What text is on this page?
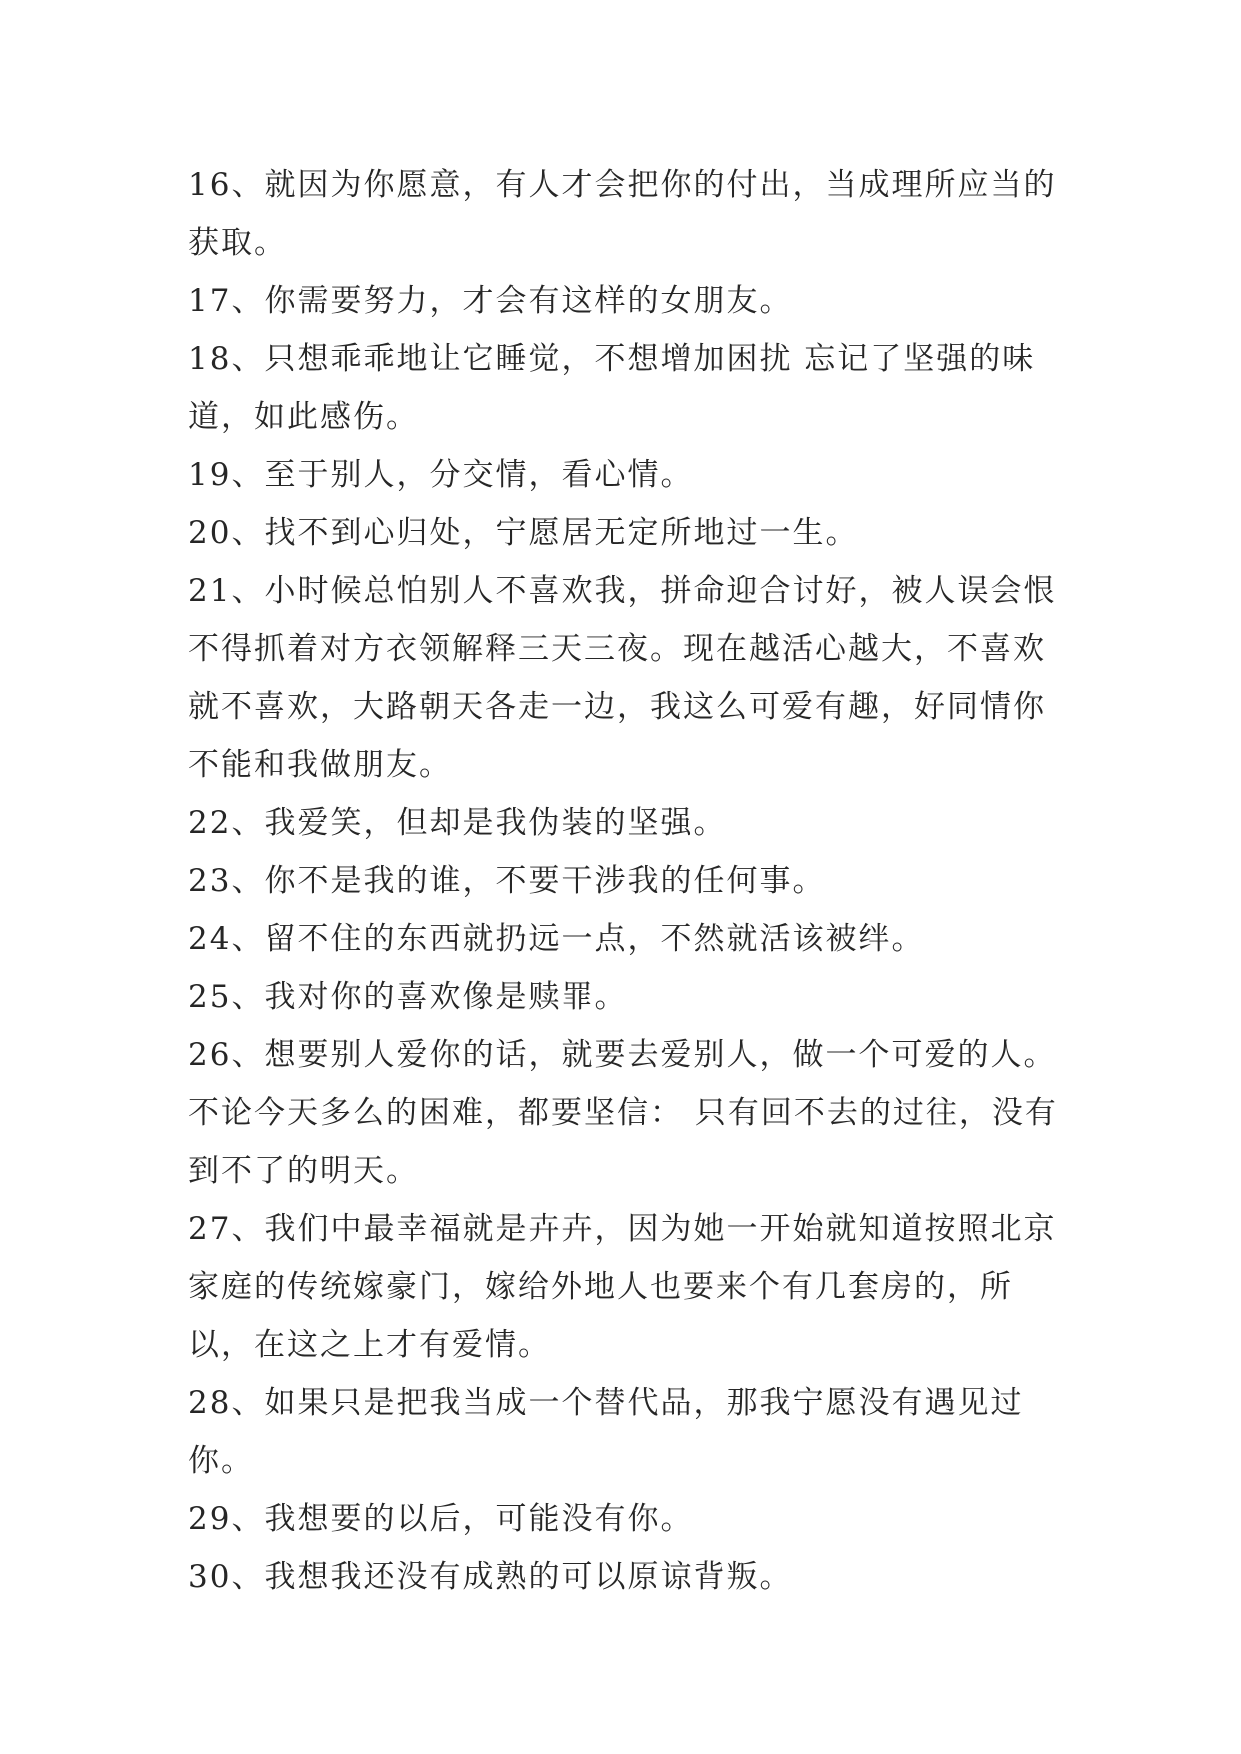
16、就因为你愿意，有人才会把你的付出，当成理所应当的获取。

17、你需要努力，才会有这样的女朋友。

18、只想乖乖地让它睡觉，不想增加困扰 忘记了坚强的味道，如此感伤。

19、至于别人，分交情，看心情。

20、找不到心归处，宁愿居无定所地过一生。

21、小时候总怕别人不喜欢我，拼命迎合讨好，被人误会恨不得抓着对方衣领解释三天三夜。现在越活心越大，不喜欢就不喜欢，大路朝天各走一边，我这么可爱有趣，好同情你不能和我做朋友。

22、我爱笑，但却是我伪装的坚强。

23、你不是我的谁，不要干涉我的任何事。

24、留不住的东西就扔远一点，不然就活该被绊。

25、我对你的喜欢像是赎罪。

26、想要别人爱你的话，就要去爱别人，做一个可爱的人。不论今天多么的困难，都要坚信： 只有回不去的过往，没有到不了的明天。

27、我们中最幸福就是卉卉，因为她一开始就知道按照北京家庭的传统嫁豪门，嫁给外地人也要来个有几套房的，所以，在这之上才有爱情。

28、如果只是把我当成一个替代品，那我宁愿没有遇见过你。

29、我想要的以后，可能没有你。

30、我想我还没有成熟的可以原谅背叛。
